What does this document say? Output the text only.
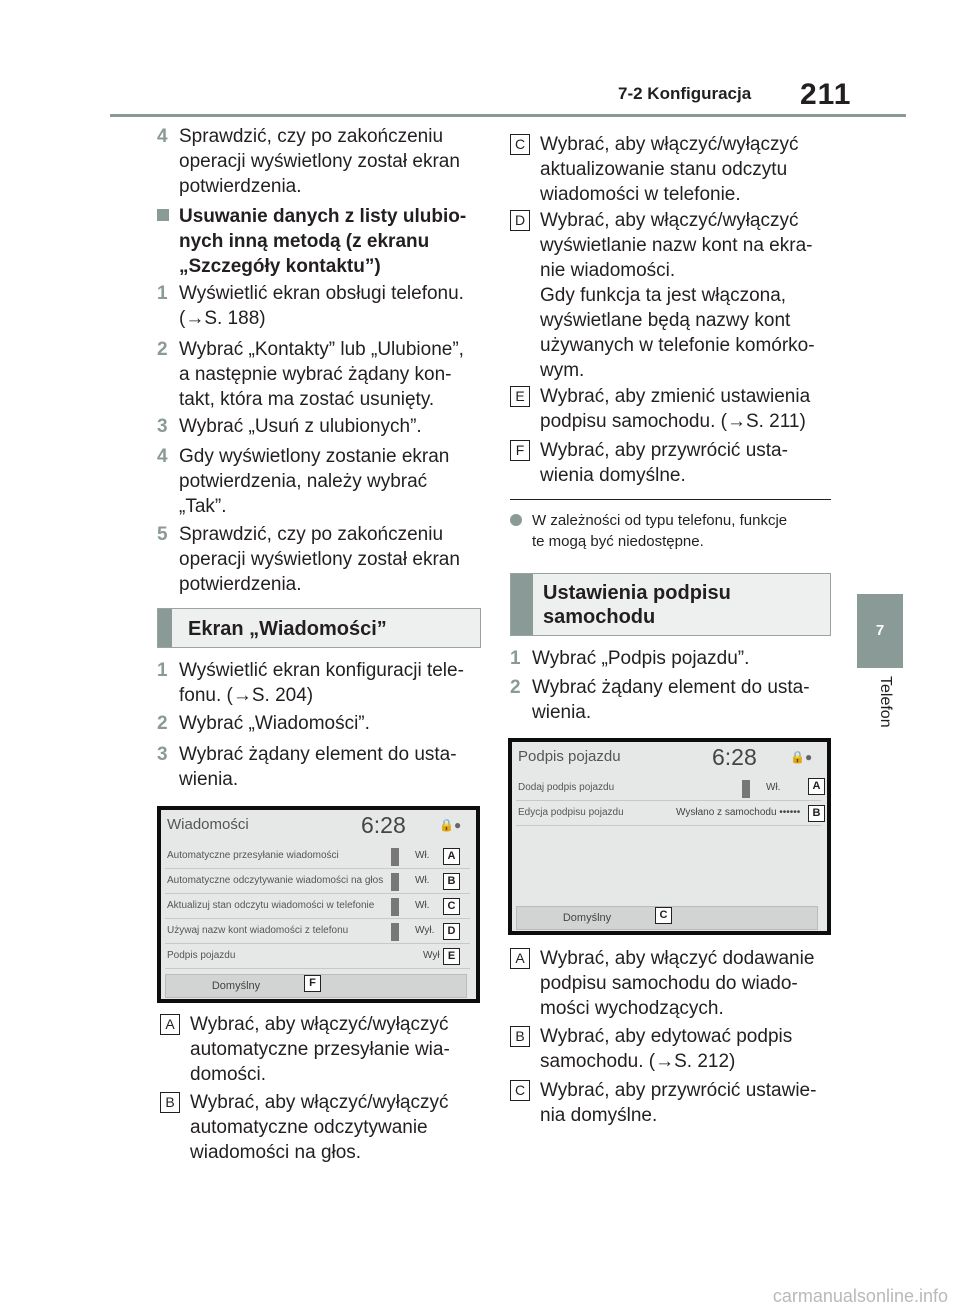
7-2 Konfiguracja 211
7
Telefon
4 Sprawdzić, czy po zakończeniu
operacji wyświetlony został ekran
potwierdzenia.
Usuwanie danych z listy ulubio-
nych inną metodą (z ekranu
„Szczegóły kontaktu”)
1 Wyświetlić ekran obsługi telefonu.
(→S. 188)
2 Wybrać „Kontakty” lub „Ulubione”,
a następnie wybrać żądany kon-
takt, która ma zostać usunięty.
3 Wybrać „Usuń z ulubionych”.
4 Gdy wyświetlony zostanie ekran
potwierdzenia, należy wybrać
„Tak”.
5 Sprawdzić, czy po zakończeniu
operacji wyświetlony został ekran
potwierdzenia.
Ekran „Wiadomości”
1 Wyświetlić ekran konfiguracji tele-
fonu. (→S. 204)
2 Wybrać „Wiadomości”.
3 Wybrać żądany element do usta-
wienia.
Wiadomości	6:28	🔒●
Automatyczne przesyłanie wiadomości	Wł.
Automatyczne odczytywanie wiadomości na głos	Wł.
Aktualizuj stan odczytu wiadomości w telefonie	Wł.
Używaj nazw kont wiadomości z telefonu	Wył.
Podpis pojazdu	Wył
Domyślny
A
B
C
D
E
F
A Wybrać, aby włączyć/wyłączyć
automatyczne przesyłanie wia-
domości.
B Wybrać, aby włączyć/wyłączyć
automatyczne odczytywanie
wiadomości na głos.
C Wybrać, aby włączyć/wyłączyć
aktualizowanie stanu odczytu
wiadomości w telefonie.
D Wybrać, aby włączyć/wyłączyć
wyświetlanie nazw kont na ekra-
nie wiadomości.
Gdy funkcja ta jest włączona,
wyświetlane będą nazwy kont
używanych w telefonie komórko-
wym.
E Wybrać, aby zmienić ustawienia
podpisu samochodu. (→S. 211)
F Wybrać, aby przywrócić usta-
wienia domyślne.
W zależności od typu telefonu, funkcje
te mogą być niedostępne.
Ustawienia podpisu
samochodu
1 Wybrać „Podpis pojazdu”.
2 Wybrać żądany element do usta-
wienia.
Podpis pojazdu	6:28	🔒●
Dodaj podpis pojazdu	Wł.
Edycja podpisu pojazdu	Wysłano z samochodu ••••••
Domyślny
A
B
C
A Wybrać, aby włączyć dodawanie
podpisu samochodu do wiado-
mości wychodzących.
B Wybrać, aby edytować podpis
samochodu. (→S. 212)
C Wybrać, aby przywrócić ustawie-
nia domyślne.
carmanualsonline.info
